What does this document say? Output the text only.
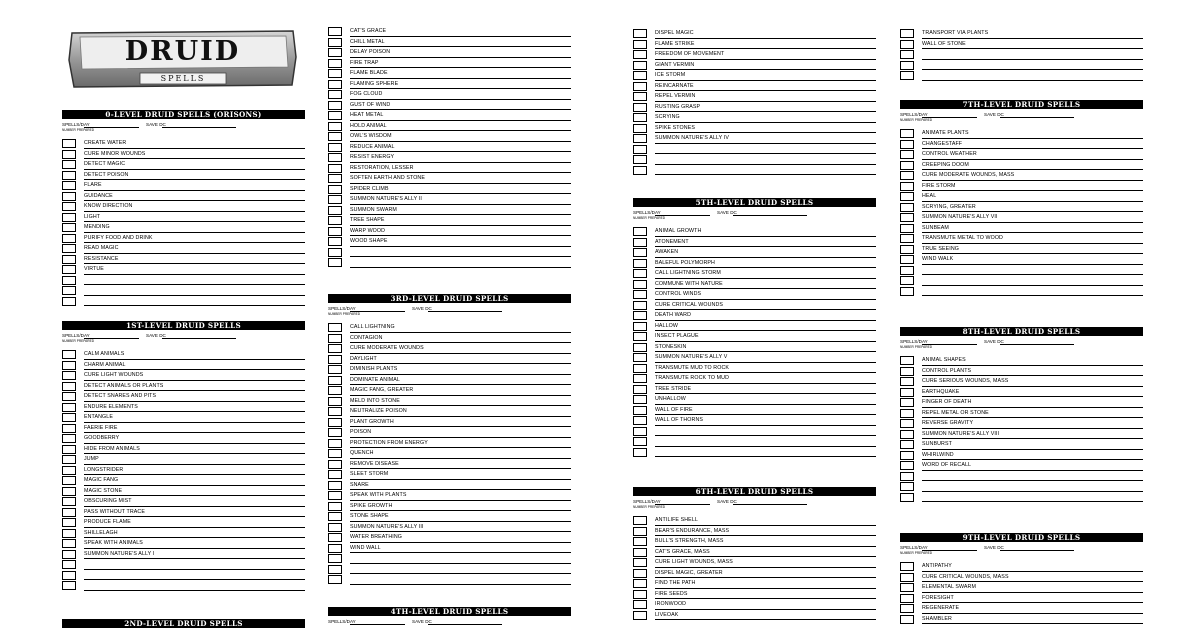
DRUID
SPELLS
0-LEVEL DRUID SPELLS (ORISONS)
SPELLS/DAY	SAVE DC
NUMBER PREPARED
CREATE WATER
CURE MINOR WOUNDS
DETECT MAGIC
DETECT POISON
FLARE
GUIDANCE
KNOW DIRECTION
LIGHT
MENDING
PURIFY FOOD AND DRINK
READ MAGIC
RESISTANCE
VIRTUE
1ST-LEVEL DRUID SPELLS
SPELLS/DAY	SAVE DC
NUMBER PREPARED
CALM ANIMALS
CHARM ANIMAL
CURE LIGHT WOUNDS
DETECT ANIMALS OR PLANTS
DETECT SNARES AND PITS
ENDURE ELEMENTS
ENTANGLE
FAERIE FIRE
GOODBERRY
HIDE FROM ANIMALS
JUMP
LONGSTRIDER
MAGIC FANG
MAGIC STONE
OBSCURING MIST
PASS WITHOUT TRACE
PRODUCE FLAME
SHILLELAGH
SPEAK WITH ANIMALS
SUMMON NATURE'S ALLY I
2ND-LEVEL DRUID SPELLS
CAT'S GRACE
CHILL METAL
DELAY POISON
FIRE TRAP
FLAME BLADE
FLAMING SPHERE
FOG CLOUD
GUST OF WIND
HEAT METAL
HOLD ANIMAL
OWL'S WISDOM
REDUCE ANIMAL
RESIST ENERGY
RESTORATION, LESSER
SOFTEN EARTH AND STONE
SPIDER CLIMB
SUMMON NATURE'S ALLY II
SUMMON SWARM
TREE SHAPE
WARP WOOD
WOOD SHAPE
3RD-LEVEL DRUID SPELLS
SPELLS/DAY	SAVE DC
NUMBER PREPARED
CALL LIGHTNING
CONTAGION
CURE MODERATE WOUNDS
DAYLIGHT
DIMINISH PLANTS
DOMINATE ANIMAL
MAGIC FANG, GREATER
MELD INTO STONE
NEUTRALIZE POISON
PLANT GROWTH
POISON
PROTECTION FROM ENERGY
QUENCH
REMOVE DISEASE
SLEET STORM
SNARE
SPEAK WITH PLANTS
SPIKE GROWTH
STONE SHAPE
SUMMON NATURE'S ALLY III
WATER BREATHING
WIND WALL
4TH-LEVEL DRUID SPELLS
SPELLS/DAY	SAVE DC
DISPEL MAGIC
FLAME STRIKE
FREEDOM OF MOVEMENT
GIANT VERMIN
ICE STORM
REINCARNATE
REPEL VERMIN
RUSTING GRASP
SCRYING
SPIKE STONES
SUMMON NATURE'S ALLY IV
5TH-LEVEL DRUID SPELLS
SPELLS/DAY	SAVE DC
NUMBER PREPARED
ANIMAL GROWTH
ATONEMENT
AWAKEN
BALEFUL POLYMORPH
CALL LIGHTNING STORM
COMMUNE WITH NATURE
CONTROL WINDS
CURE CRITICAL WOUNDS
DEATH WARD
HALLOW
INSECT PLAGUE
STONESKIN
SUMMON NATURE'S ALLY V
TRANSMUTE MUD TO ROCK
TRANSMUTE ROCK TO MUD
TREE STRIDE
UNHALLOW
WALL OF FIRE
WALL OF THORNS
6TH-LEVEL DRUID SPELLS
SPELLS/DAY	SAVE DC
NUMBER PREPARED
ANTILIFE SHELL
BEAR'S ENDURANCE, MASS
BULL'S STRENGTH, MASS
CAT'S GRACE, MASS
CURE LIGHT WOUNDS, MASS
DISPEL MAGIC, GREATER
FIND THE PATH
FIRE SEEDS
IRONWOOD
LIVEOAK
TRANSPORT VIA PLANTS
WALL OF STONE
7TH-LEVEL DRUID SPELLS
SPELLS/DAY	SAVE DC
NUMBER PREPARED
ANIMATE PLANTS
CHANGESTAFF
CONTROL WEATHER
CREEPING DOOM
CURE MODERATE WOUNDS, MASS
FIRE STORM
HEAL
SCRYING, GREATER
SUMMON NATURE'S ALLY VII
SUNBEAM
TRANSMUTE METAL TO WOOD
TRUE SEEING
WIND WALK
8TH-LEVEL DRUID SPELLS
SPELLS/DAY	SAVE DC
NUMBER PREPARED
ANIMAL SHAPES
CONTROL PLANTS
CURE SERIOUS WOUNDS, MASS
EARTHQUAKE
FINGER OF DEATH
REPEL METAL OR STONE
REVERSE GRAVITY
SUMMON NATURE'S ALLY VIII
SUNBURST
WHIRLWIND
WORD OF RECALL
9TH-LEVEL DRUID SPELLS
SPELLS/DAY	SAVE DC
NUMBER PREPARED
ANTIPATHY
CURE CRITICAL WOUNDS, MASS
ELEMENTAL SWARM
FORESIGHT
REGENERATE
SHAMBLER
